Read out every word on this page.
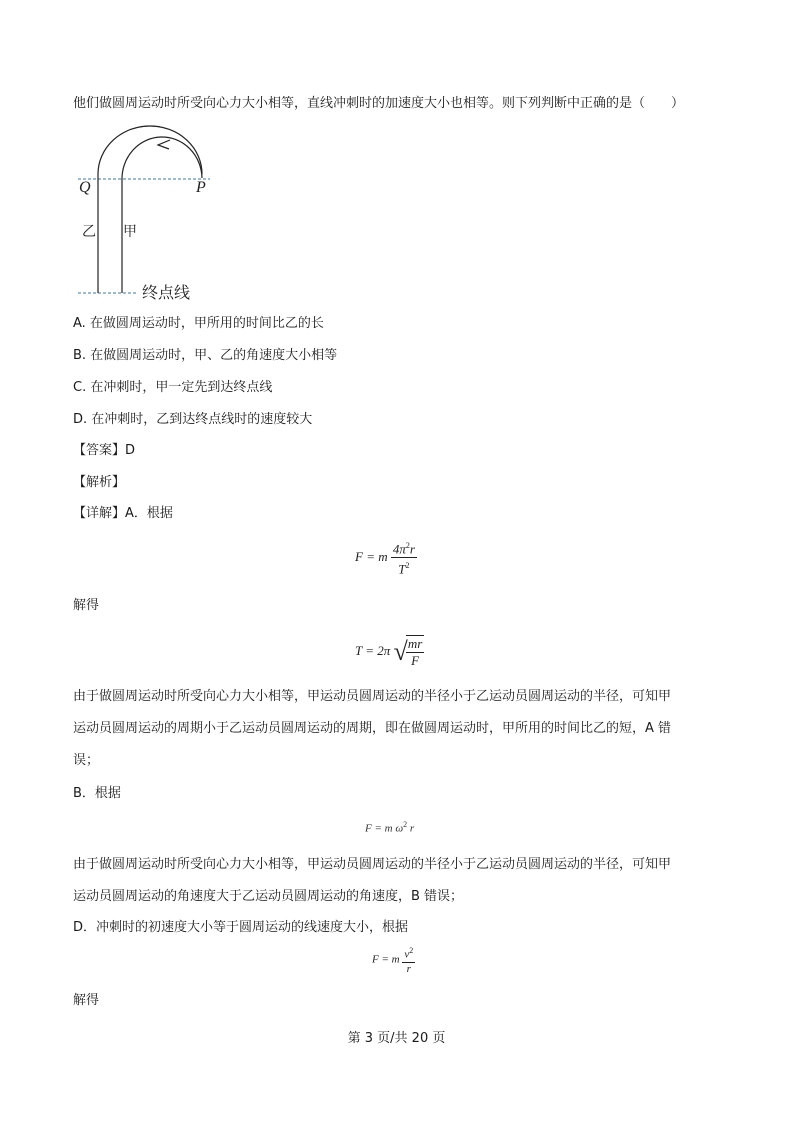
他们做圆周运动时所受向心力大小相等，直线冲刺时的加速度大小也相等。则下列判断中正确的是（　　）
Q	P
乙 甲
终点线
A. 在做圆周运动时，甲所用的时间比乙的长
B. 在做圆周运动时，甲、乙的角速度大小相等
C. 在冲刺时，甲一定先到达终点线
D. 在冲刺时，乙到达终点线时的速度较大
【答案】D
【解析】
【详解】A．根据
F = m $\frac{4\pi^2r}{T^2}$
解得
T = 2π √
$\frac{mr}{F}$
由于做圆周运动时所受向心力大小相等，甲运动员圆周运动的半径小于乙运动员圆周运动的半径，可知甲
运动员圆周运动的周期小于乙运动员圆周运动的周期，即在做圆周运动时，甲所用的时间比乙的短，A 错
误；
B．根据
F = m $\omega^2$ r
由于做圆周运动时所受向心力大小相等，甲运动员圆周运动的半径小于乙运动员圆周运动的半径，可知甲
运动员圆周运动的角速度大于乙运动员圆周运动的角速度，B 错误；
D．冲刺时的初速度大小等于圆周运动的线速度大小，根据
F = m $\frac{v^2}{r}$
解得
第 3 页/共 20 页
